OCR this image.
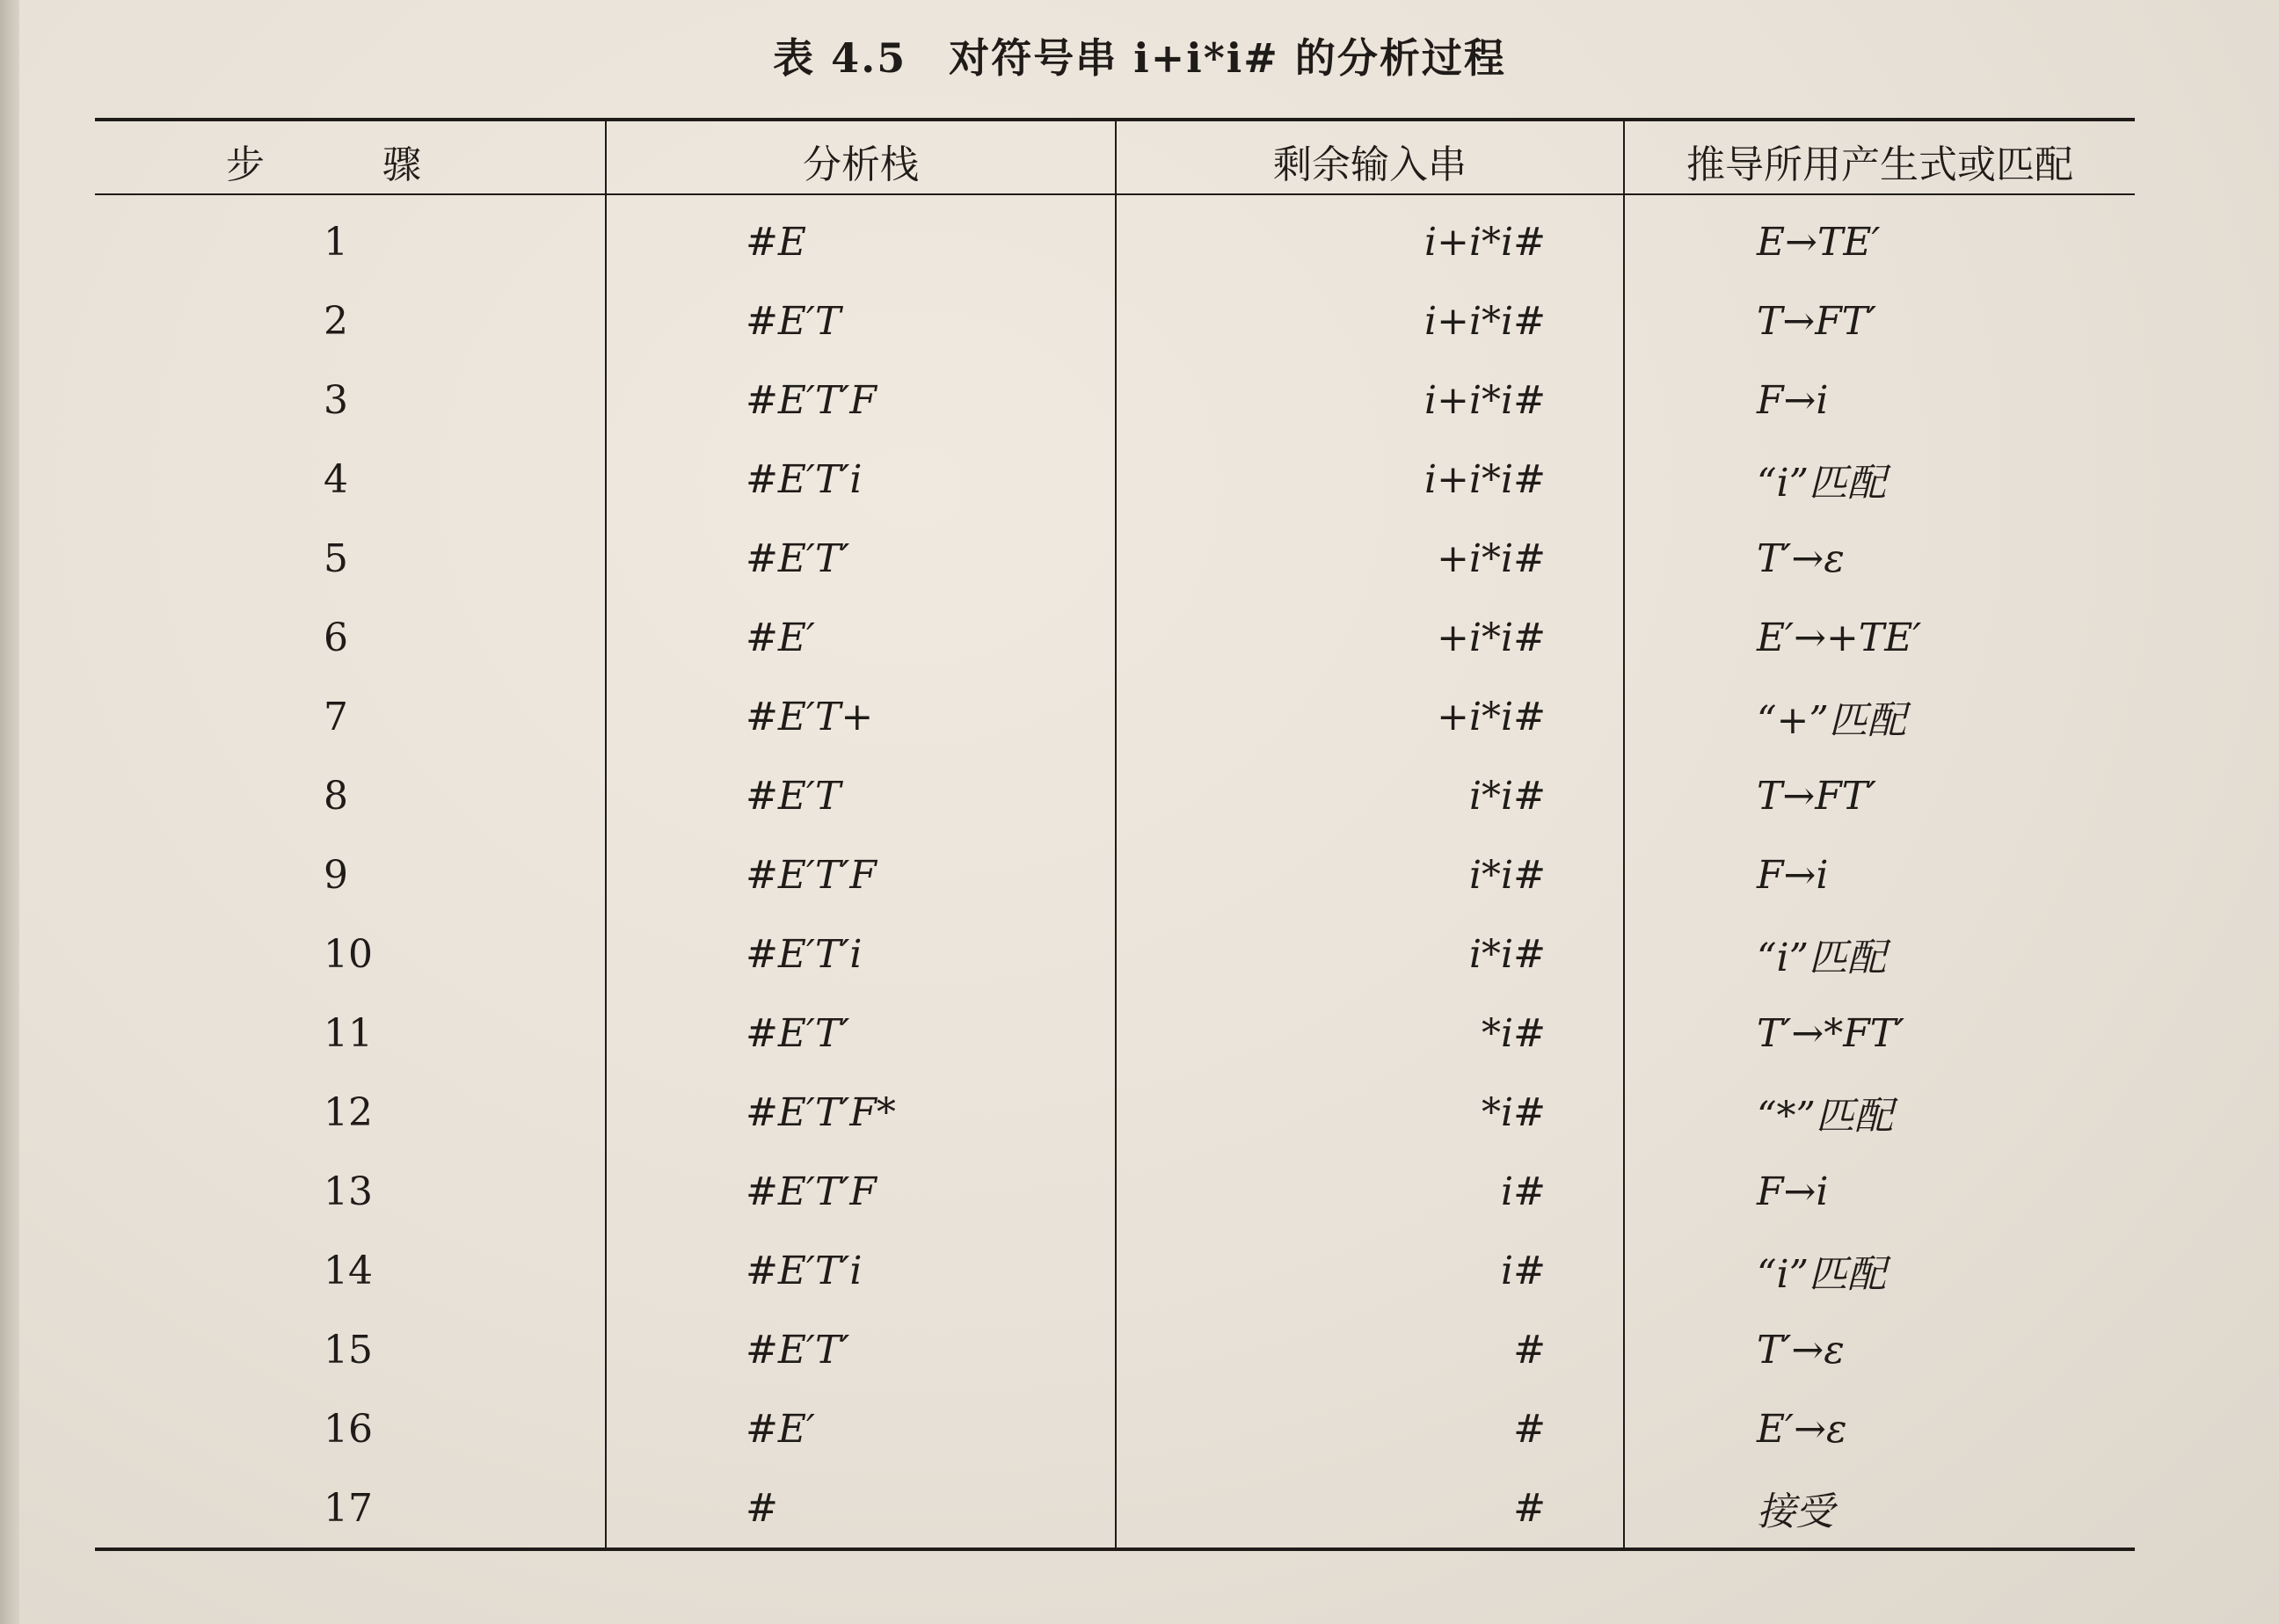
表 4.5 对符号串 i+i*i# 的分析过程
步 骤	分析栈	剩余输入串	推导所用产生式或匹配
1	#E	i+i*i#	E→TE′
2	#E′T	i+i*i#	T→FT′
3	#E′T′F	i+i*i#	F→i
4	#E′T′i	i+i*i#	“i”匹配
5	#E′T′	+i*i#	T′→ε
6	#E′	+i*i#	E′→+TE′
7	#E′T+	+i*i#	“+”匹配
8	#E′T	i*i#	T→FT′
9	#E′T′F	i*i#	F→i
10	#E′T′i	i*i#	“i”匹配
11	#E′T′	*i#	T′→*FT′
12	#E′T′F*	*i#	“*”匹配
13	#E′T′F	i#	F→i
14	#E′T′i	i#	“i”匹配
15	#E′T′	#	T′→ε
16	#E′	#	E′→ε
17	#	#	接受
